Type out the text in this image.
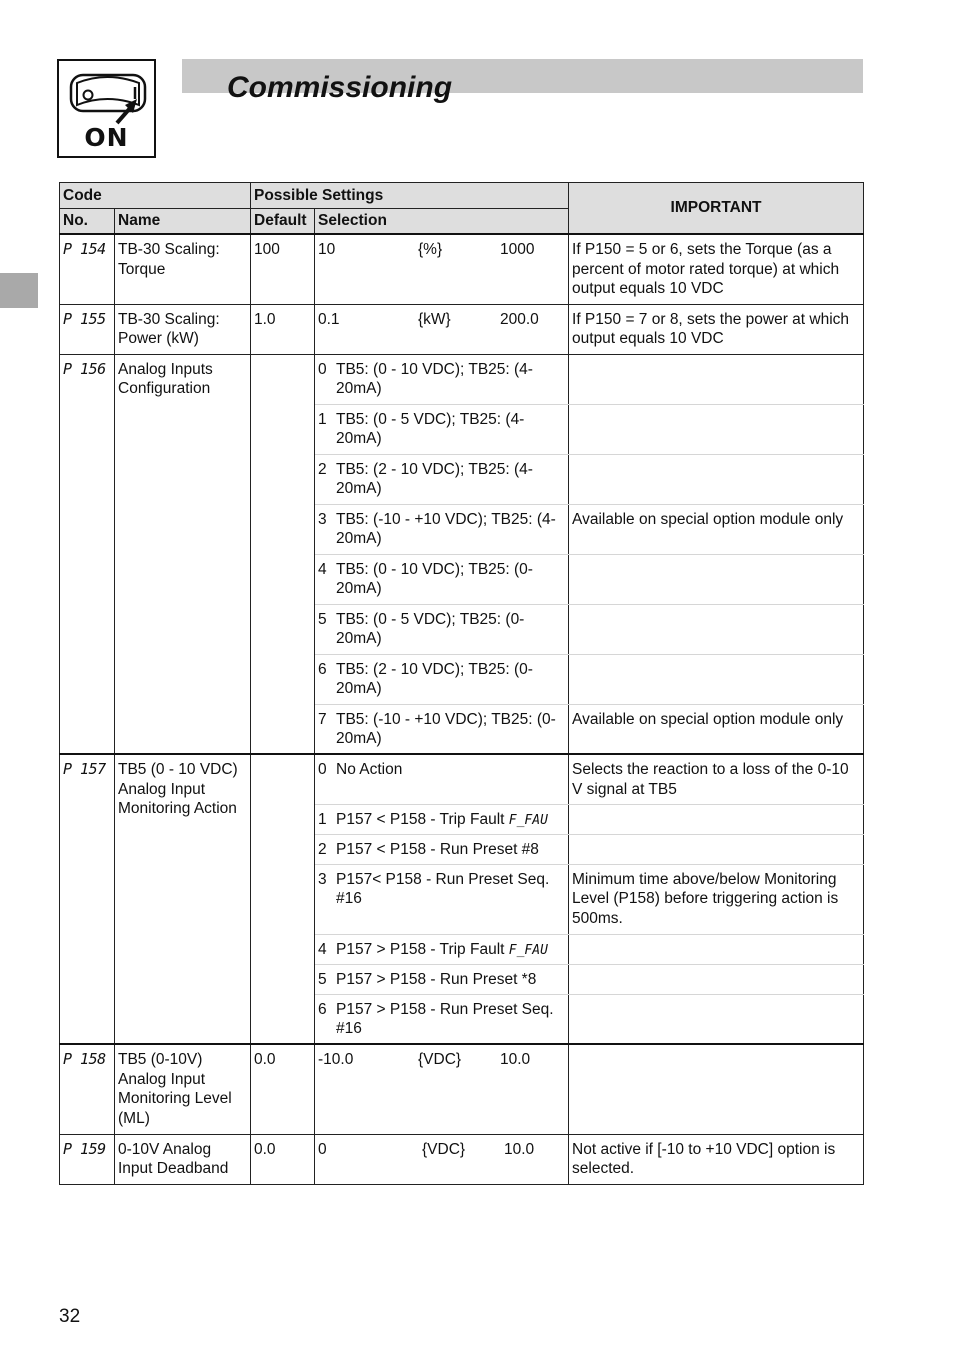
ON
Commissioning
Code		Possible Settings		IMPORTANT
No.	Name	Default	Selection	
P 154	TB-30 Scaling: Torque	100	10 {%} 1000	If P150 = 5 or 6, sets the Torque (as a percent of motor rated torque) at which output equals 10 VDC
P 155	TB-30 Scaling: Power (kW)	1.0	0.1 {kW} 200.0	If P150 = 7 or 8, sets the power at which output equals 10 VDC
P 156	Analog Inputs Configuration		0 TB5: (0 - 10 VDC); TB25: (4-20mA)	

			1 TB5: (0 - 5 VDC); TB25: (4-20mA)	

			2 TB5: (2 - 10 VDC); TB25: (4-20mA)	

			3 TB5: (-10 - +10 VDC); TB25: (4-20mA)	Available on special option module only

			4 TB5: (0 - 10 VDC); TB25: (0-20mA)	

			5 TB5: (0 - 5 VDC); TB25: (0-20mA)	

			6 TB5: (2 - 10 VDC); TB25: (0-20mA)	

			7 TB5: (-10 - +10 VDC); TB25: (0-20mA)	Available on special option module only
P 157	TB5 (0 - 10 VDC) Analog Input Monitoring Action		0 No Action	Selects the reaction to a loss of the 0-10 V signal at TB5

			1 P157 < P158 - Trip Fault F_FAU	

			2 P157 < P158 - Run Preset #8	

			3 P157< P158 - Run Preset Seq. #16	Minimum time above/below Monitoring Level (P158) before triggering action is 500ms.

			4 P157 > P158 - Trip Fault F_FAU	

			5 P157 > P158 - Run Preset *8	

			6 P157 > P158 - Run Preset Seq. #16	

P 158	TB5 (0-10V) Analog Input Monitoring Level (ML)	0.0	-10.0 {VDC} 10.0	

P 159	0-10V Analog Input Deadband	0.0	0 {VDC} 10.0	Not active if [-10 to +10 VDC] option is selected.
32
